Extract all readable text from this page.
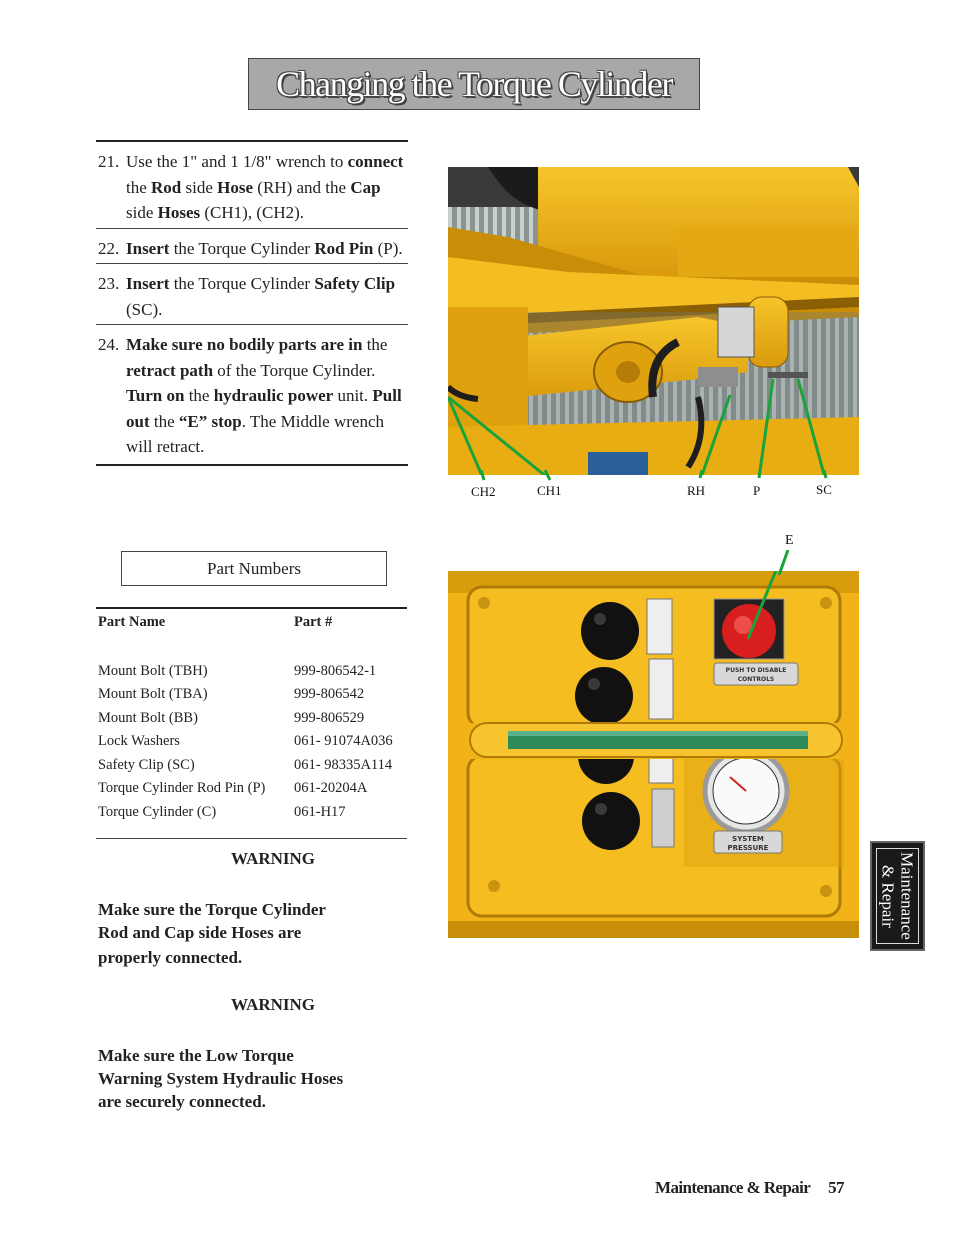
Changing the Torque Cylinder
21. Use the 1" and 1 1/8" wrench to connect the Rod side Hose (RH) and the Cap side Hoses (CH1), (CH2).
22. Insert the Torque Cylinder Rod Pin (P).
23. Insert the Torque Cylinder Safety Clip (SC).
24. Make sure no bodily parts are in the retract path of the Torque Cylinder. Turn on the hydraulic power unit. Pull out the “E” stop. The Middle wrench will retract.
Part Numbers
Part Name	Part #
Mount Bolt (TBH)	999-806542-1
Mount Bolt (TBA)	999-806542
Mount Bolt (BB)	999-806529
Lock Washers	061- 91074A036
Safety Clip (SC)	061- 98335A114
Torque Cylinder Rod Pin (P)	061-20204A
Torque Cylinder (C)	061-H17
WARNING
Make sure the Torque Cylinder
Rod and Cap side Hoses are
properly connected.
WARNING
Make sure the Low Torque
Warning System Hydraulic Hoses
are securely connected.
CH2	CH1	RH	P	SC
E
PUSH TO DISABLE
CONTROLS
SYSTEM
PRESSURE
Maintenance
& Repair
Maintenance & Repair 57
